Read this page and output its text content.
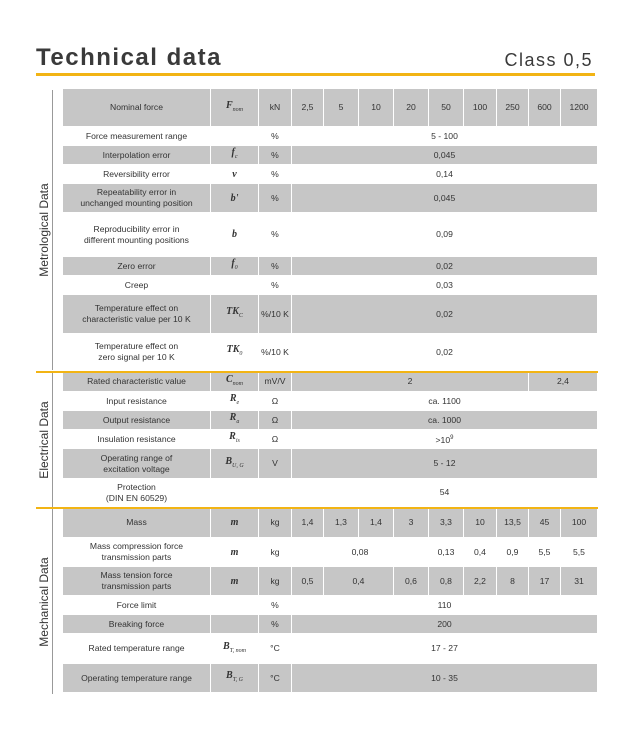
Technical data	Class 0,5
Metrological Data
Electrical Data
Mechanical Data
Nominal force	$F_{nom}$	kN	2,5	5	10	20	50	100	250	600	1200
Force measurement range		%	5 - 100								
Interpolation error	$f_c$	%	0,045								
Reversibility error	v	%	0,14								
Repeatability error in
unchanged mounting position	b'	%	0,045								
Reproducibility error in
different mounting positions	b	%	0,09								
Zero error	$f_0$	%	0,02								
Creep		%	0,03								
Temperature effect on
characteristic value per 10 K	$TK_C$	%/10 K	0,02								
Temperature effect on
zero signal per 10 K	$TK_0$	%/10 K	0,02								
Rated characteristic value	$C_{nom}$	mV/V	2							2,4	
Input resistance	$R_e$	Ω	ca. 1100								
Output resistance	$R_a$	Ω	ca. 1000								
Insulation resistance	$R_{is}$	Ω	$>10^9$
Operating range of
excitation voltage	$B_{U, G}$	V	5 - 12								
Protection
(DIN EN 60529)			54								
Mass	m	kg	1,4	1,3	1,4	3	3,3	10	13,5	45	100
Mass compression force
transmission parts	m	kg	0,08				0,13	0,4	0,9	5,5	5,5
Mass tension force
transmission parts	m	kg	0,5	0,4		0,6	0,8	2,2	8	17	31
Force limit		%	110								
Breaking force		%	200								
Rated temperature range	$B_{T, nom}$	°C	17 - 27								
Operating temperature range	$B_{T, G}$	°C	10 - 35								
